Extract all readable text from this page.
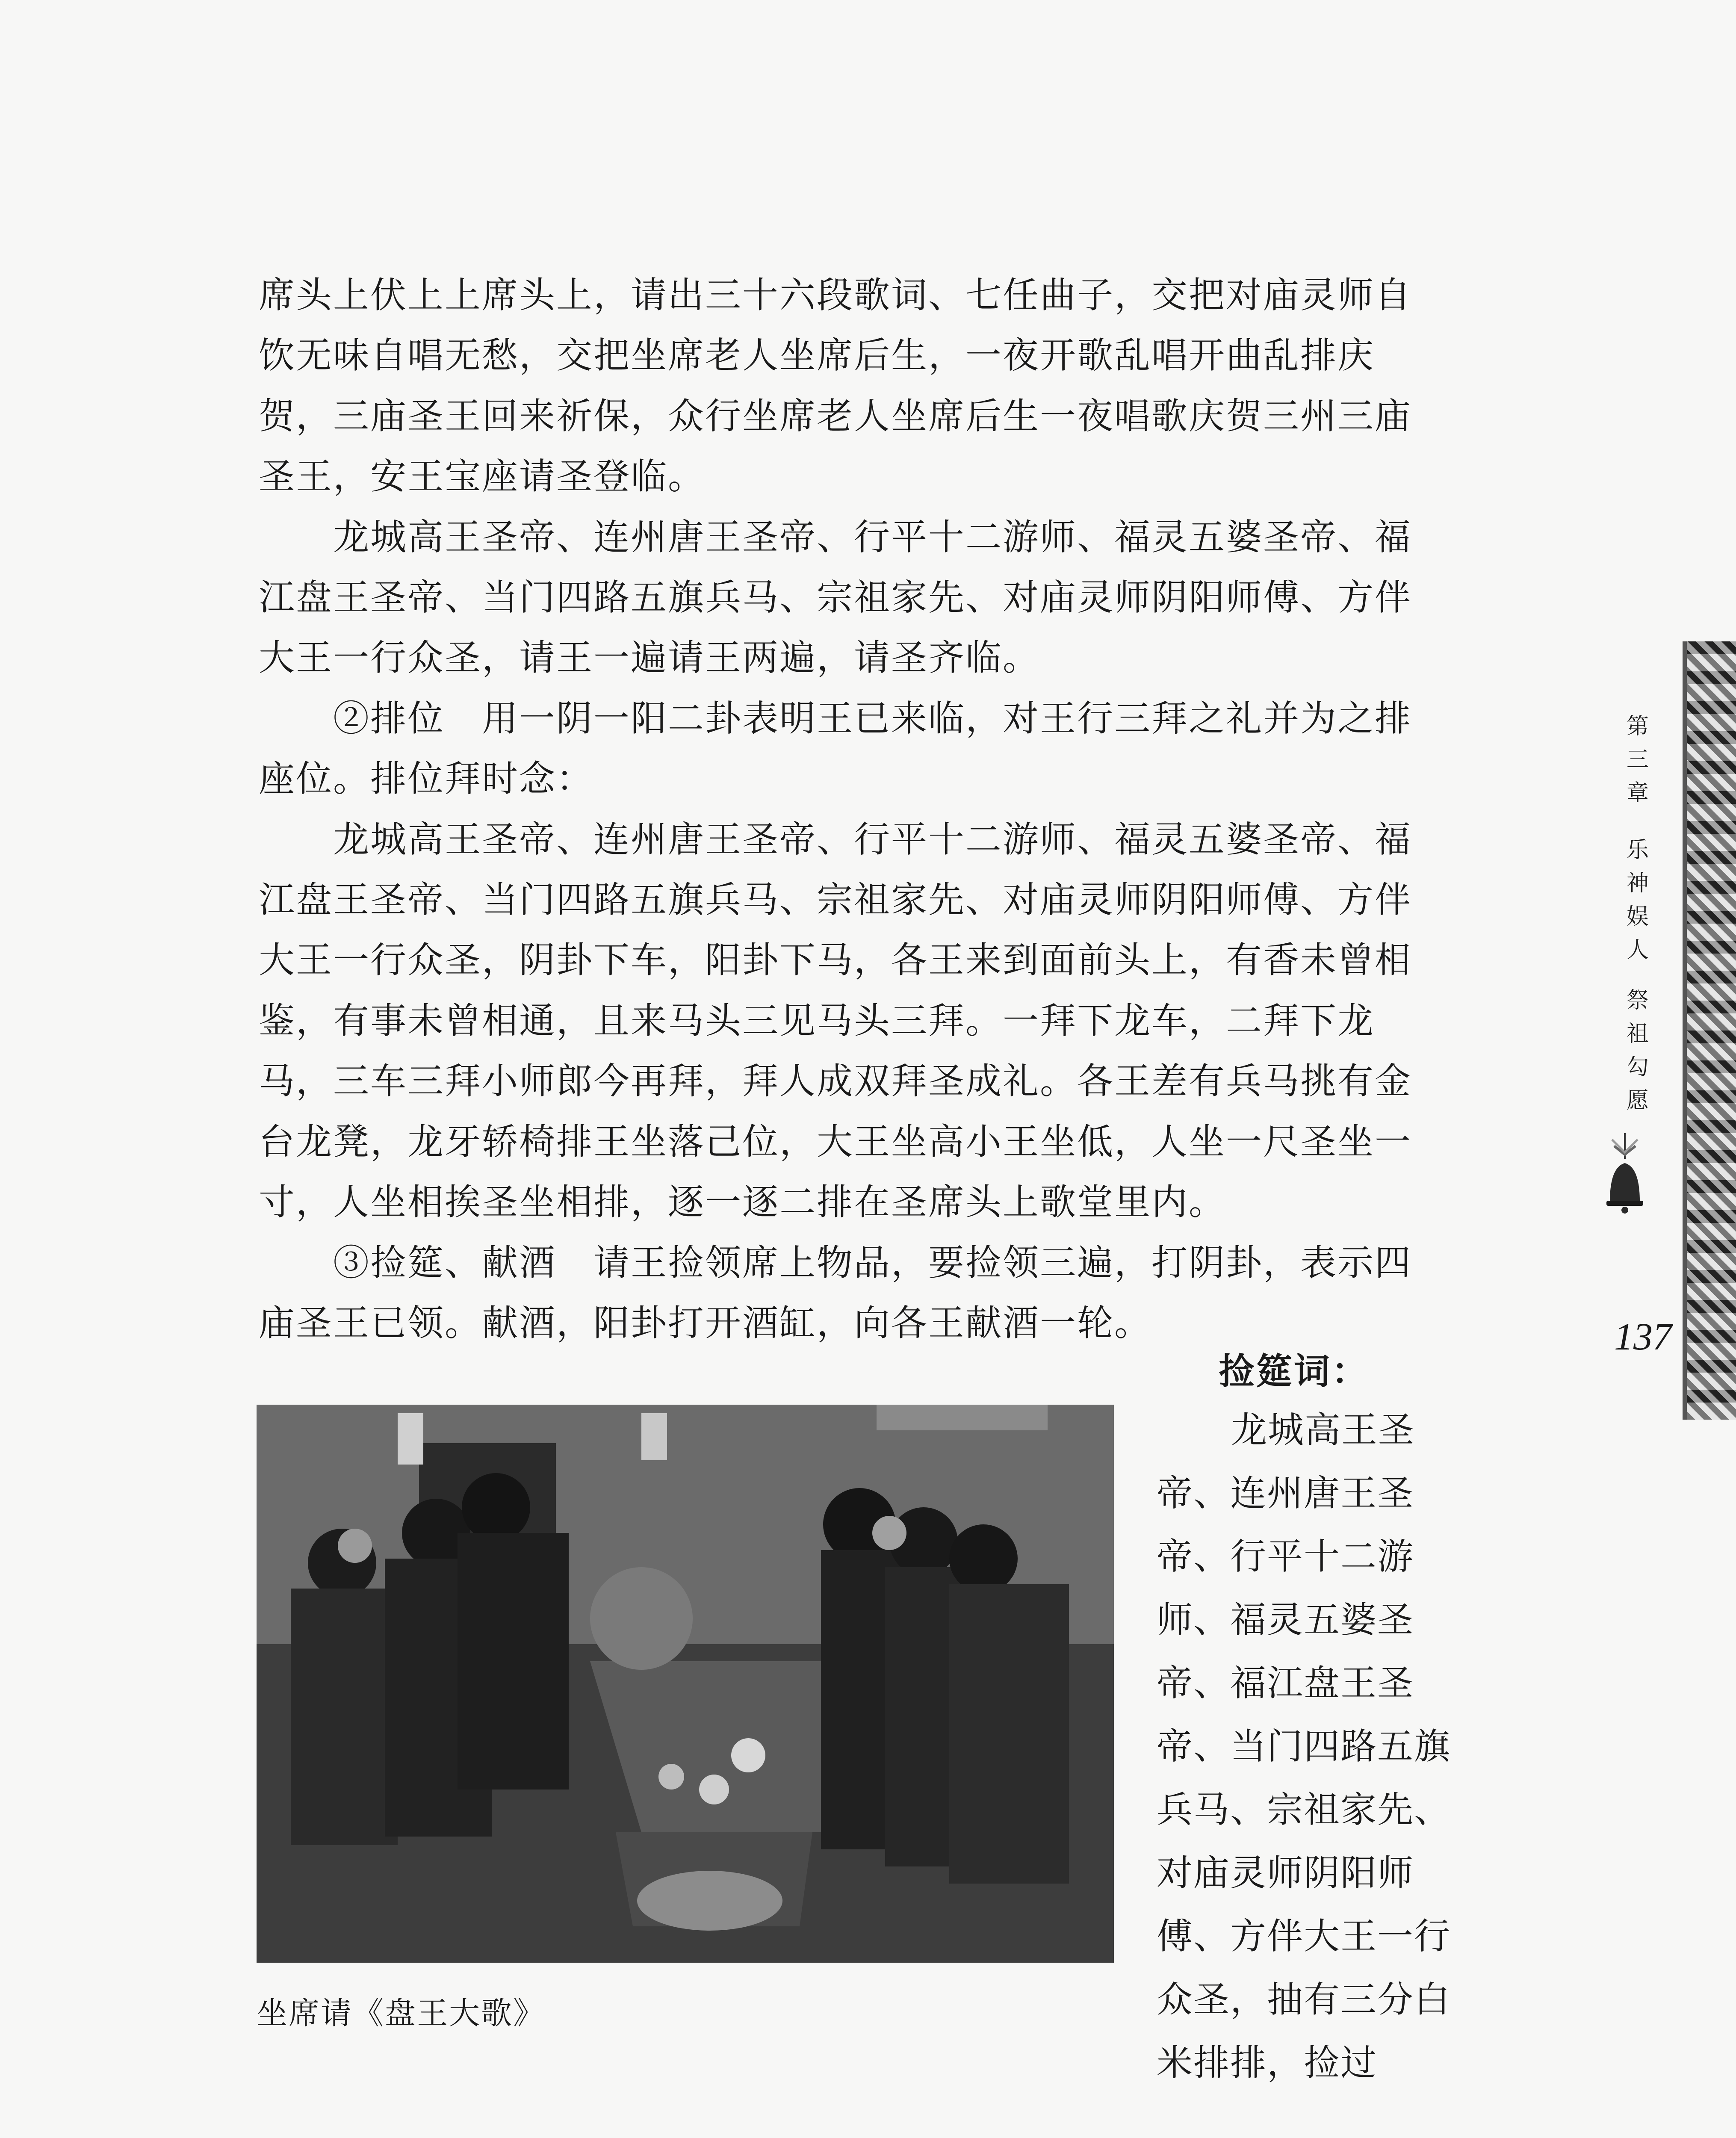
席头上伏上上席头上，请出三十六段歌词、七任曲子，交把对庙灵师自饮无味自唱无愁，交把坐席老人坐席后生，一夜开歌乱唱开曲乱排庆贺，三庙圣王回来祈保，众行坐席老人坐席后生一夜唱歌庆贺三州三庙圣王，安王宝座请圣登临。

龙城高王圣帝、连州唐王圣帝、行平十二游师、福灵五婆圣帝、福江盘王圣帝、当门四路五旗兵马、宗祖家先、对庙灵师阴阳师傅、方伴大王一行众圣，请王一遍请王两遍，请圣齐临。

②排位　用一阴一阳二卦表明王已来临，对王行三拜之礼并为之排座位。排位拜时念：

龙城高王圣帝、连州唐王圣帝、行平十二游师、福灵五婆圣帝、福江盘王圣帝、当门四路五旗兵马、宗祖家先、对庙灵师阴阳师傅、方伴大王一行众圣，阴卦下车，阳卦下马，各王来到面前头上，有香未曾相鉴，有事未曾相通，且来马头三见马头三拜。一拜下龙车，二拜下龙马，三车三拜小师郎今再拜，拜人成双拜圣成礼。各王差有兵马挑有金台龙凳，龙牙轿椅排王坐落己位，大王坐高小王坐低，人坐一尺圣坐一寸，人坐相挨圣坐相排，逐一逐二排在圣席头上歌堂里内。

③捡筵、献酒　请王捡领席上物品，要捡领三遍，打阴卦，表示四庙圣王已领。献酒，阳卦打开酒缸，向各王献酒一轮。

第
三
章
乐
神
娱
人
祭
祖
勾
愿
137
捡筵词：

龙城高王圣帝、连州唐王圣帝、行平十二游师、福灵五婆圣帝、福江盘王圣帝、当门四路五旗兵马、宗祖家先、对庙灵师阴阳师傅、方伴大王一行众圣，抽有三分白米排排，捡过

坐席请《盘王大歌》
